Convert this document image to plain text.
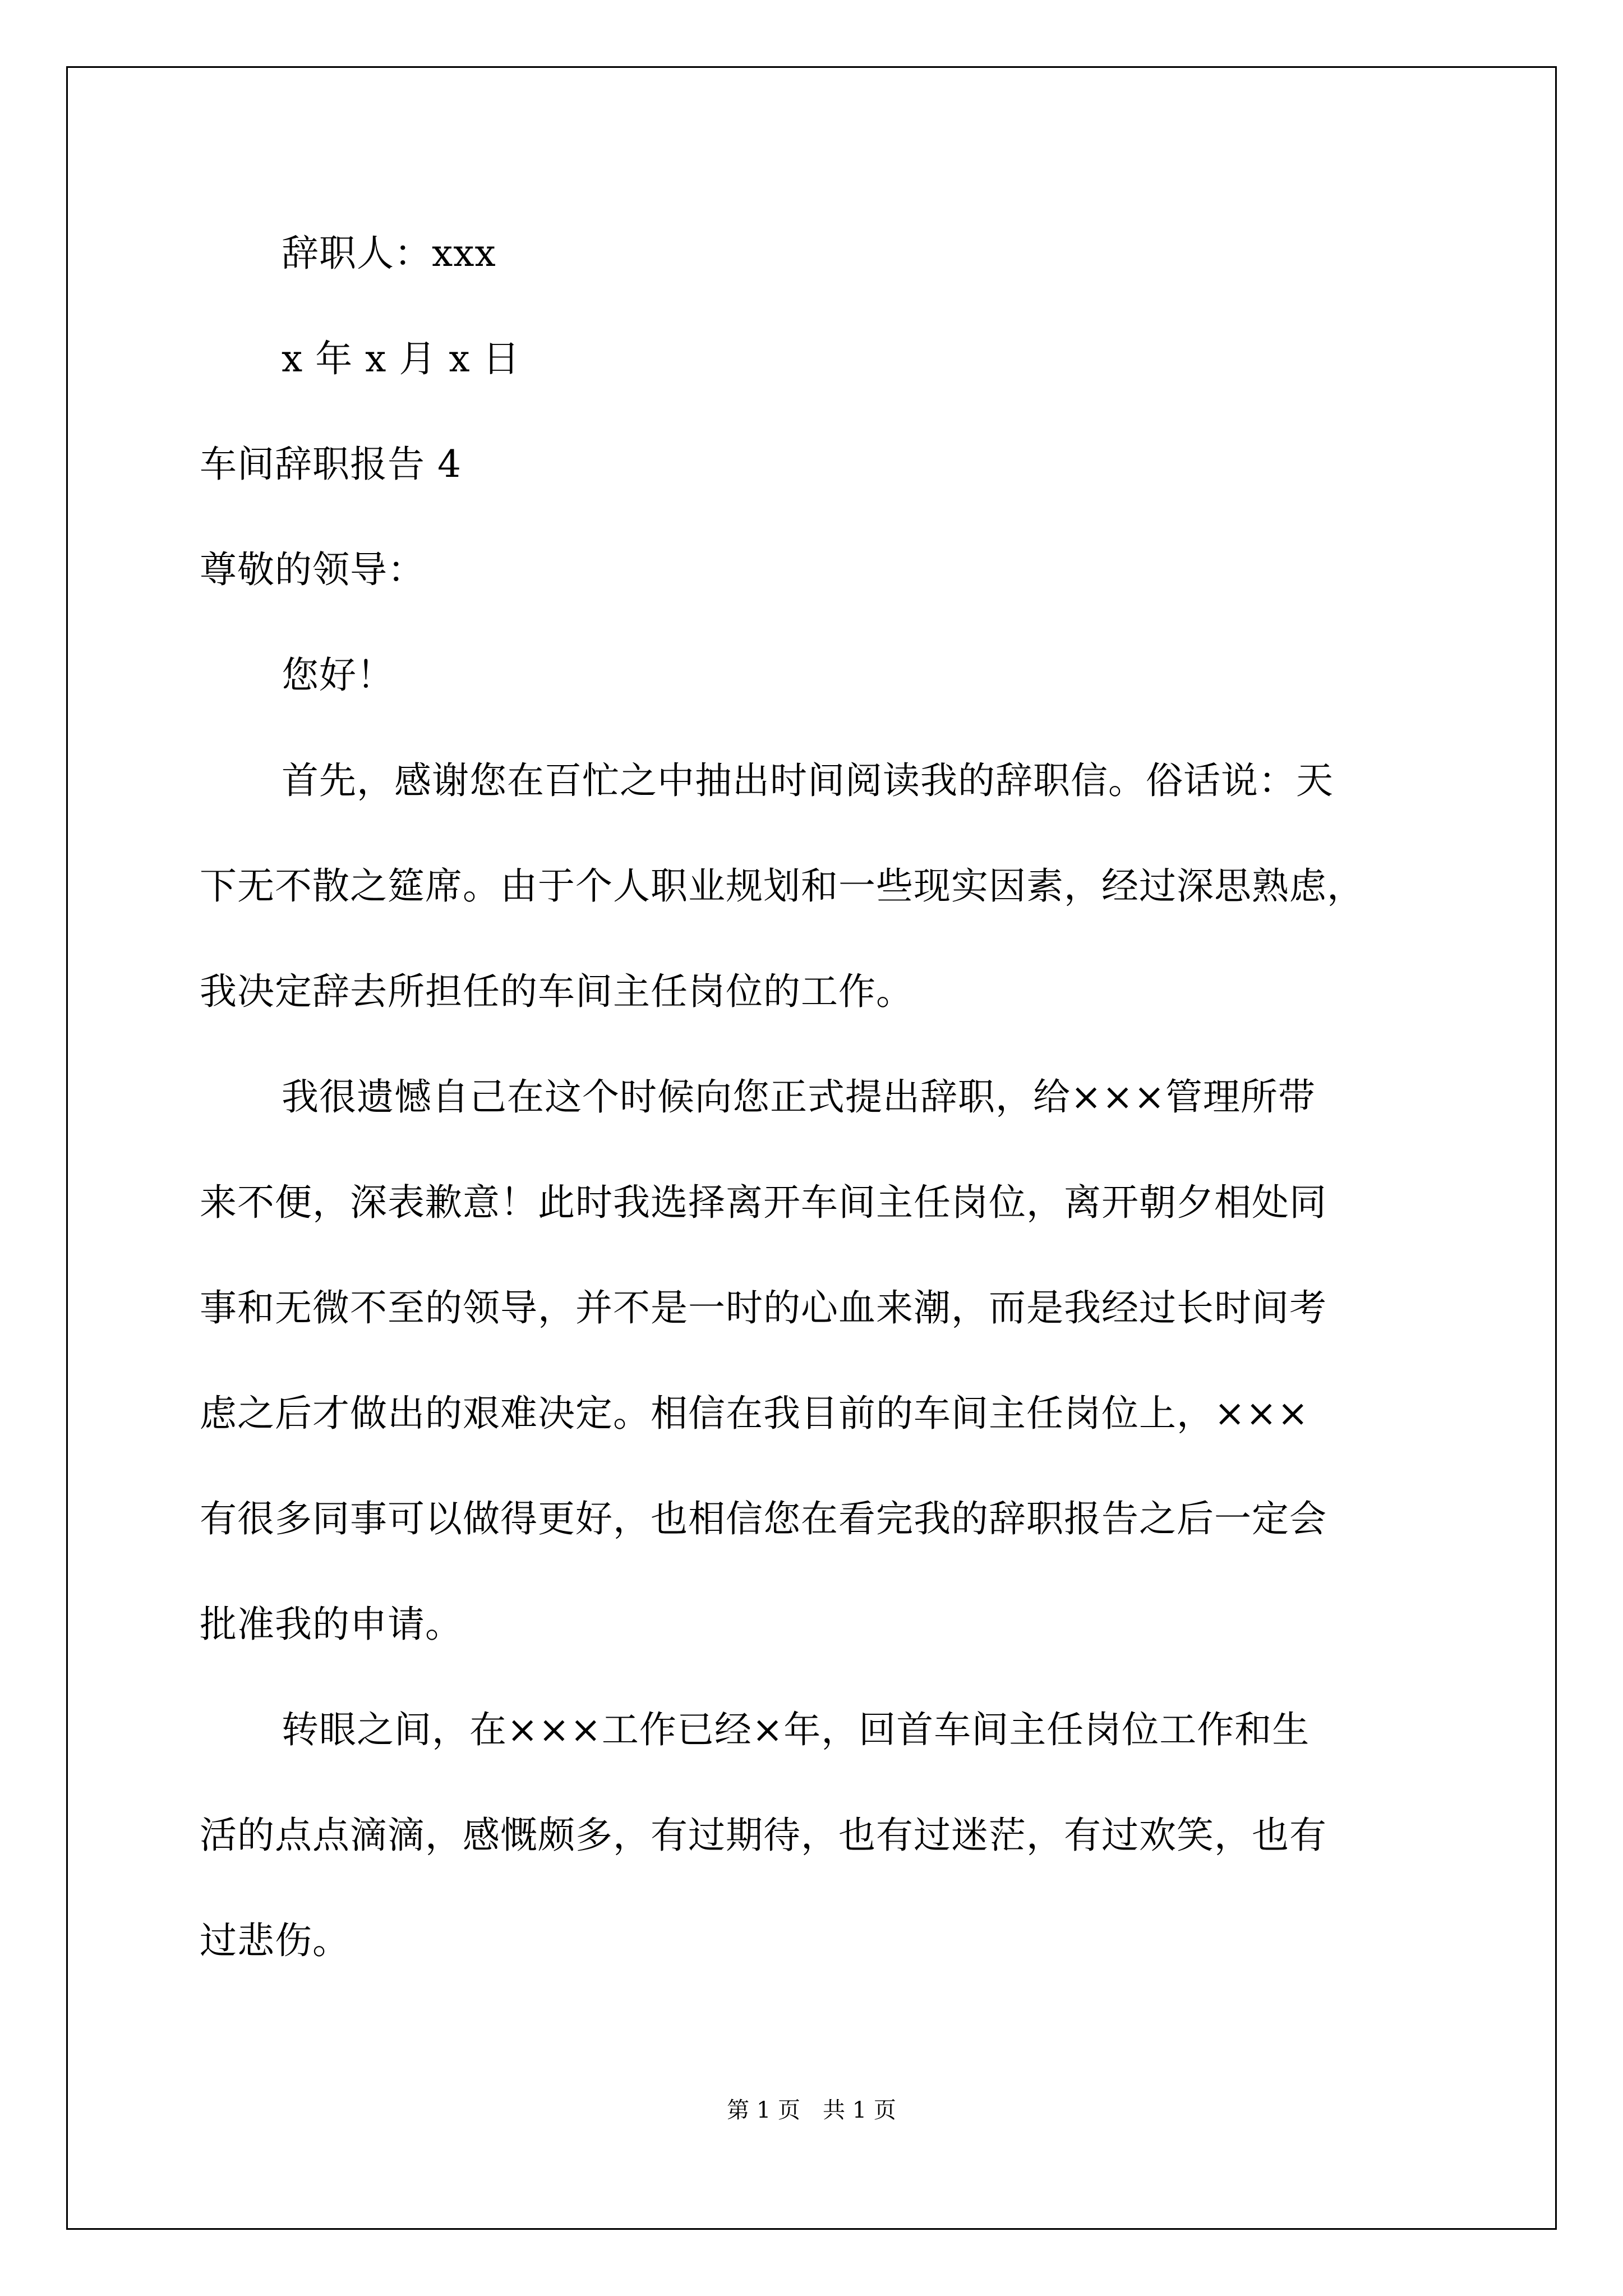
辞职人：xxx
x 年 x 月 x 日
车间辞职报告 4
尊敬的领导：
您好！
首先，感谢您在百忙之中抽出时间阅读我的辞职信。俗话说：天
下无不散之筵席。由于个人职业规划和一些现实因素，经过深思熟虑，
我决定辞去所担任的车间主任岗位的工作。
我很遗憾自己在这个时候向您正式提出辞职，给×××管理所带
来不便，深表歉意！此时我选择离开车间主任岗位，离开朝夕相处同
事和无微不至的领导，并不是一时的心血来潮，而是我经过长时间考
虑之后才做出的艰难决定。相信在我目前的车间主任岗位上，×××
有很多同事可以做得更好，也相信您在看完我的辞职报告之后一定会
批准我的申请。
转眼之间，在×××工作已经×年，回首车间主任岗位工作和生
活的点点滴滴，感慨颇多，有过期待，也有过迷茫，有过欢笑，也有
过悲伤。
第 1 页　共 1 页
